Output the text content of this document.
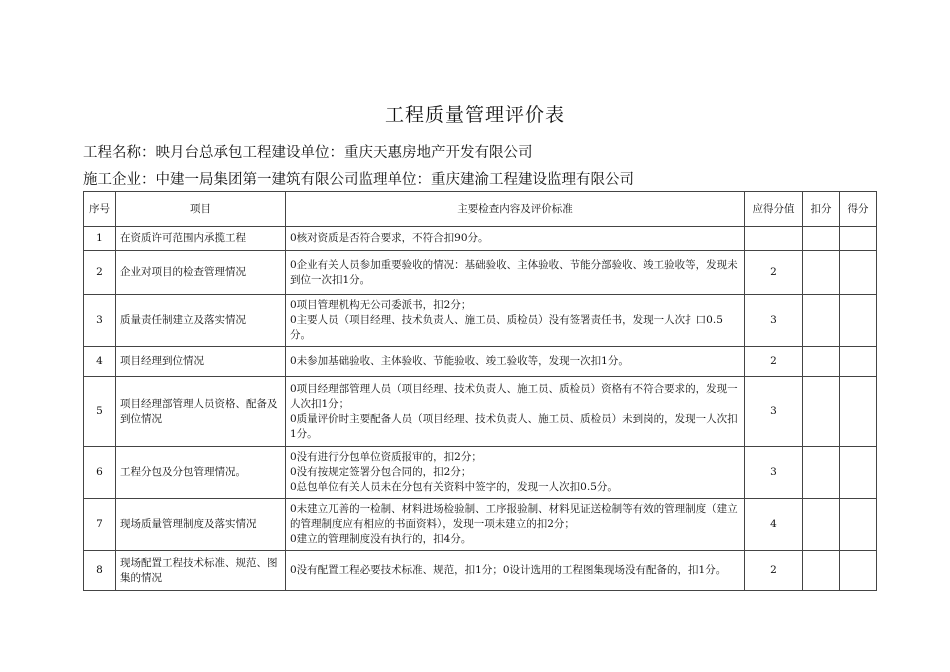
工程质量管理评价表
工程名称：映月台总承包工程建设单位：重庆天惠房地产开发有限公司
施工企业：中建一局集团第一建筑有限公司监理单位：重庆建渝工程建设监理有限公司
序号	项目	主要检查内容及评价标准	应得分值	扣分	得分
1	在资质许可范围内承揽工程	0核对资质是否符合要求，不符合扣90分。			

2	企业对项目的检查管理情况	0企业有关人员参加重要验收的情况：基础验收、主体验收、节能分部验收、竣工验收等，发现未到位一次扣1分。	2		
3	质量责任制建立及落实情况	0项目管理机构无公司委派书，扣2分；
0主要人员（项目经理、技术负责人、施工员、质检员）没有签署责任书，发现一人次扌口0.5分。	3		
4	项目经理到位情况	0未参加基础验收、主体验收、节能验收、竣工验收等，发现一次扣1分。	2		
5	项目经理部管理人员资格、配备及到位情况	0项目经理部管理人员（项目经理、技术负责人、施工员、质检员）资格有不符合要求的，发现一人次扣1分；
0质量评价时主要配备人员（项目经理、技术负责人、施工员、质检员）未到岗的，发现一人次扣1分。	3		
6	工程分包及分包管理情况。	0没有进行分包单位资质报审的，扣2分；
0没有按规定签署分包合同的，扣2分；
0总包单位有关人员未在分包有关资料中签字的，发现一人次扣0.5分。	3		
7	现场质量管理制度及落实情况	0未建立兀善的一检制、材料进场检验制、工序报验制、材料见证送检制等有效的管理制度（建立的管理制度应有相应的书面资料），发现一项未建立的扣2分；
0建立的管理制度没有执行的，扣4分。	4		
8	现场配置工程技术标准、规范、图集的情况	0没有配置工程必要技术标准、规范，扣1分；0设计选用的工程图集现场没有配备的，扣1分。	2		
